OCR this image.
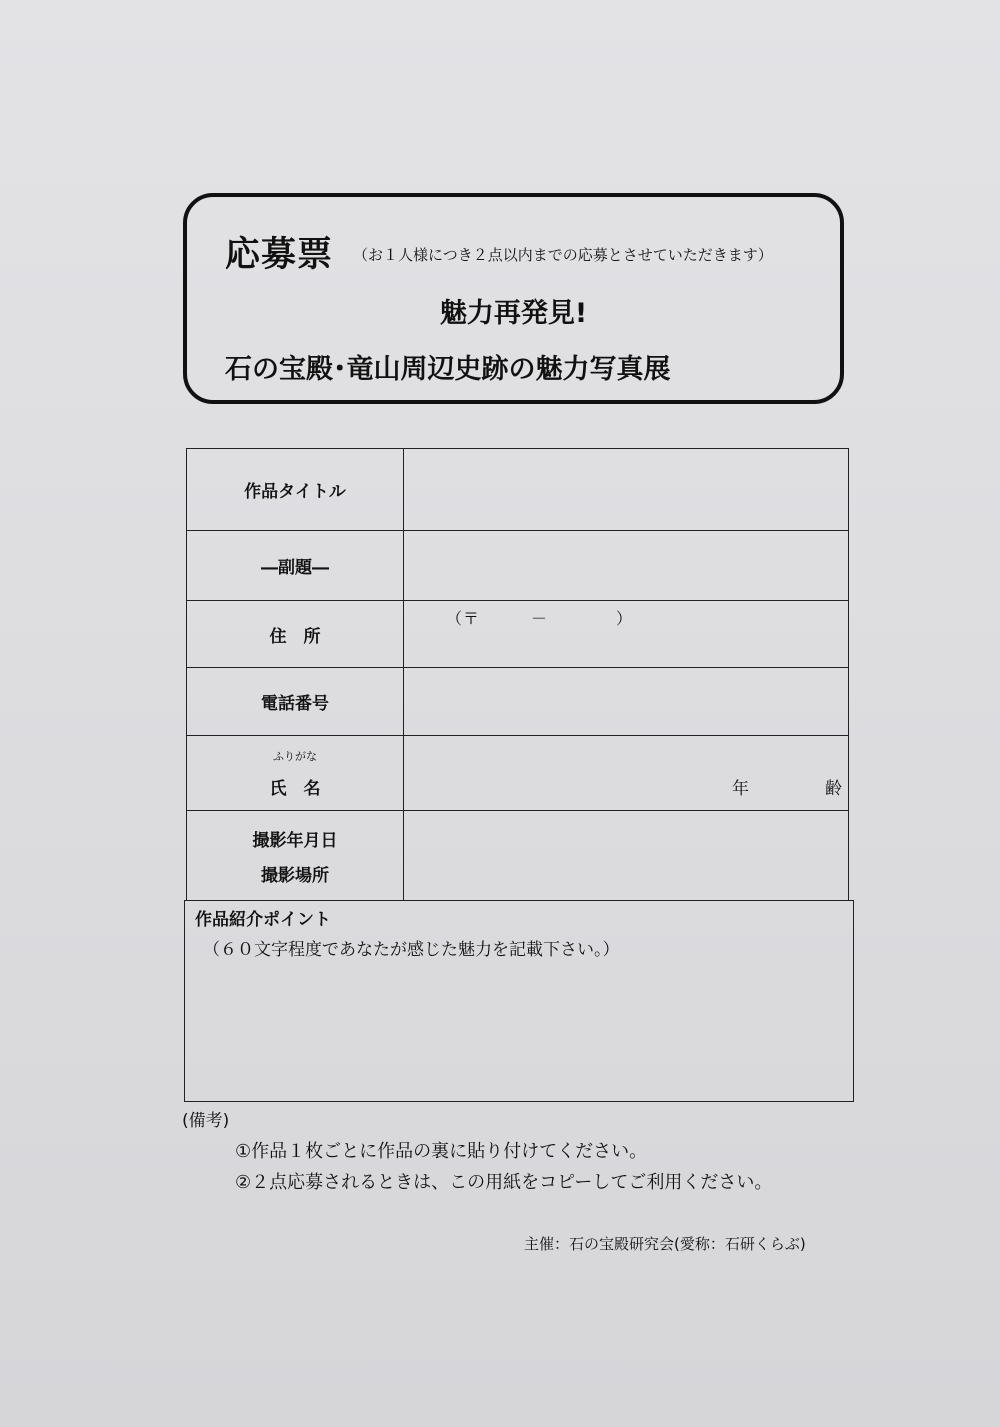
応募票 （お１人様につき２点以内までの応募とさせていただきます）
魅力再発見!
石の宝殿･竜山周辺史跡の魅力写真展
作品タイトル	
―副題―	
住　所	（〒　　　－　　　　）

電話番号	

ふりがな
氏　名	年 齢

撮影年月日
撮影場所	

作品紹介ポイント
（６０文字程度であなたが感じた魅力を記載下さい。）
(備考)
①作品１枚ごとに作品の裏に貼り付けてください。
②２点応募されるときは、この用紙をコピーしてご利用ください。
主催：石の宝殿研究会(愛称：石研くらぶ)
